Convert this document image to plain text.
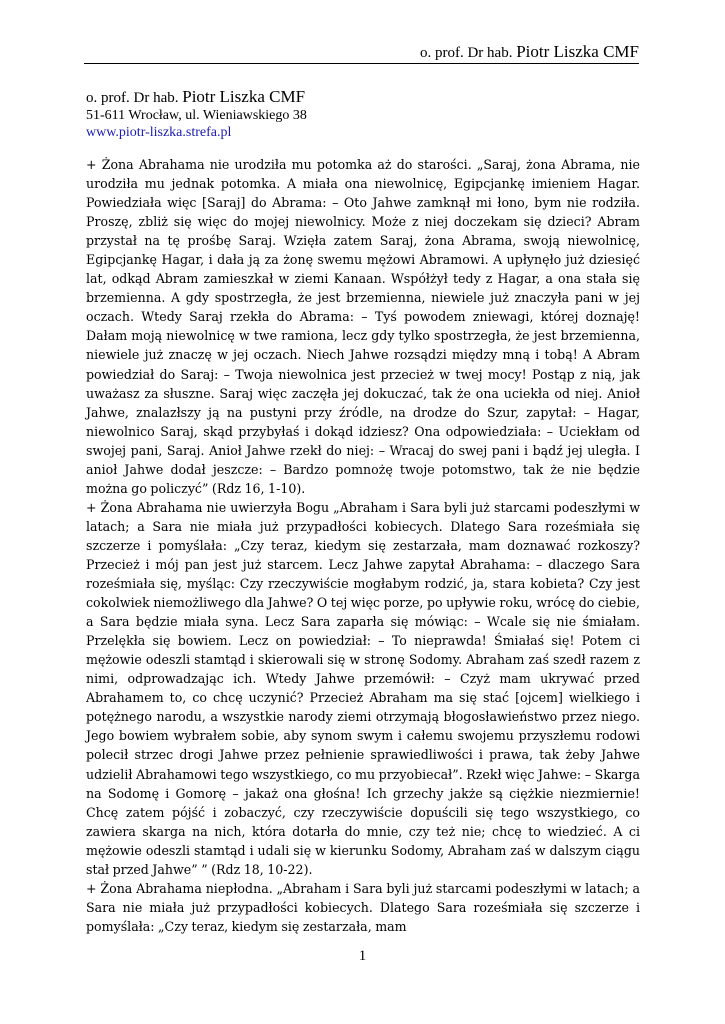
o. prof. Dr hab. Piotr Liszka CMF
o. prof. Dr hab. Piotr Liszka CMF
51-611 Wrocław, ul. Wieniawskiego 38
www.piotr-liszka.strefa.pl

+ Żona Abrahama nie urodziła mu potomka aż do starości. „Saraj, żona Abrama, nie urodziła mu jednak potomka. A miała ona niewolnicę, Egipcjankę imieniem Hagar. Powiedziała więc [Saraj] do Abrama: – Oto Jahwe zamknął mi łono, bym nie rodziła. Proszę, zbliż się więc do mojej niewolnicy. Może z niej doczekam się dzieci? Abram przystał na tę prośbę Saraj. Wzięła zatem Saraj, żona Abrama, swoją niewolnicę, Egipcjankę Hagar, i dała ją za żonę swemu mężowi Abramowi. A upłynęło już dziesięć lat, odkąd Abram zamieszkał w ziemi Kanaan. Współżył tedy z Hagar, a ona stała się brzemienna. A gdy spostrzegła, że jest brzemienna, niewiele już znaczyła pani w jej oczach. Wtedy Saraj rzekła do Abrama: – Tyś powodem zniewagi, której doznaję! Dałam moją niewolnicę w twe ramiona, lecz gdy tylko spostrzegła, że jest brzemienna, niewiele już znaczę w jej oczach. Niech Jahwe rozsądzi między mną i tobą! A Abram powiedział do Saraj: – Twoja niewolnica jest przecież w twej mocy! Postąp z nią, jak uważasz za słuszne. Saraj więc zaczęła jej dokuczać, tak że ona uciekła od niej. Anioł Jahwe, znalazłszy ją na pustyni przy źródle, na drodze do Szur, zapytał: – Hagar, niewolnico Saraj, skąd przybyłaś i dokąd idziesz? Ona odpowiedziała: – Uciekłam od swojej pani, Saraj. Anioł Jahwe rzekł do niej: – Wracaj do swej pani i bądź jej uległa. I anioł Jahwe dodał jeszcze: – Bardzo pomnożę twoje potomstwo, tak że nie będzie można go policzyć” (Rdz 16, 1-10).

+ Żona Abrahama nie uwierzyła Bogu „Abraham i Sara byli już starcami podeszłymi w latach; a Sara nie miała już przypadłości kobiecych. Dlatego Sara roześmiała się szczerze i pomyślała: „Czy teraz, kiedym się zestarzała, mam doznawać rozkoszy? Przecież i mój pan jest już starcem. Lecz Jahwe zapytał Abrahama: – dlaczego Sara roześmiała się, myśląc: Czy rzeczywiście mogłabym rodzić, ja, stara kobieta? Czy jest cokolwiek niemożliwego dla Jahwe? O tej więc porze, po upływie roku, wrócę do ciebie, a Sara będzie miała syna. Lecz Sara zaparła się mówiąc: – Wcale się nie śmiałam. Przelękła się bowiem. Lecz on powiedział: – To nieprawda! Śmiałaś się! Potem ci mężowie odeszli stamtąd i skierowali się w stronę Sodomy. Abraham zaś szedł razem z nimi, odprowadzając ich. Wtedy Jahwe przemówił: – Czyż mam ukrywać przed Abrahamem to, co chcę uczynić? Przecież Abraham ma się stać [ojcem] wielkiego i potężnego narodu, a wszystkie narody ziemi otrzymają błogosławieństwo przez niego. Jego bowiem wybrałem sobie, aby synom swym i całemu swojemu przyszłemu rodowi polecił strzec drogi Jahwe przez pełnienie sprawiedliwości i prawa, tak żeby Jahwe udzielił Abrahamowi tego wszystkiego, co mu przyobiecał”. Rzekł więc Jahwe: – Skarga na Sodomę i Gomorę – jakaż ona głośna! Ich grzechy jakże są ciężkie niezmiernie! Chcę zatem pójść i zobaczyć, czy rzeczywiście dopuścili się tego wszystkiego, co zawiera skarga na nich, która dotarła do mnie, czy też nie; chcę to wiedzieć. A ci mężowie odeszli stamtąd i udali się w kierunku Sodomy, Abraham zaś w dalszym ciągu stał przed Jahwe” ” (Rdz 18, 10-22).

+ Żona Abrahama niepłodna. „Abraham i Sara byli już starcami podeszłymi w latach; a Sara nie miała już przypadłości kobiecych. Dlatego Sara roześmiała się szczerze i pomyślała: „Czy teraz, kiedym się zestarzała, mam

1
